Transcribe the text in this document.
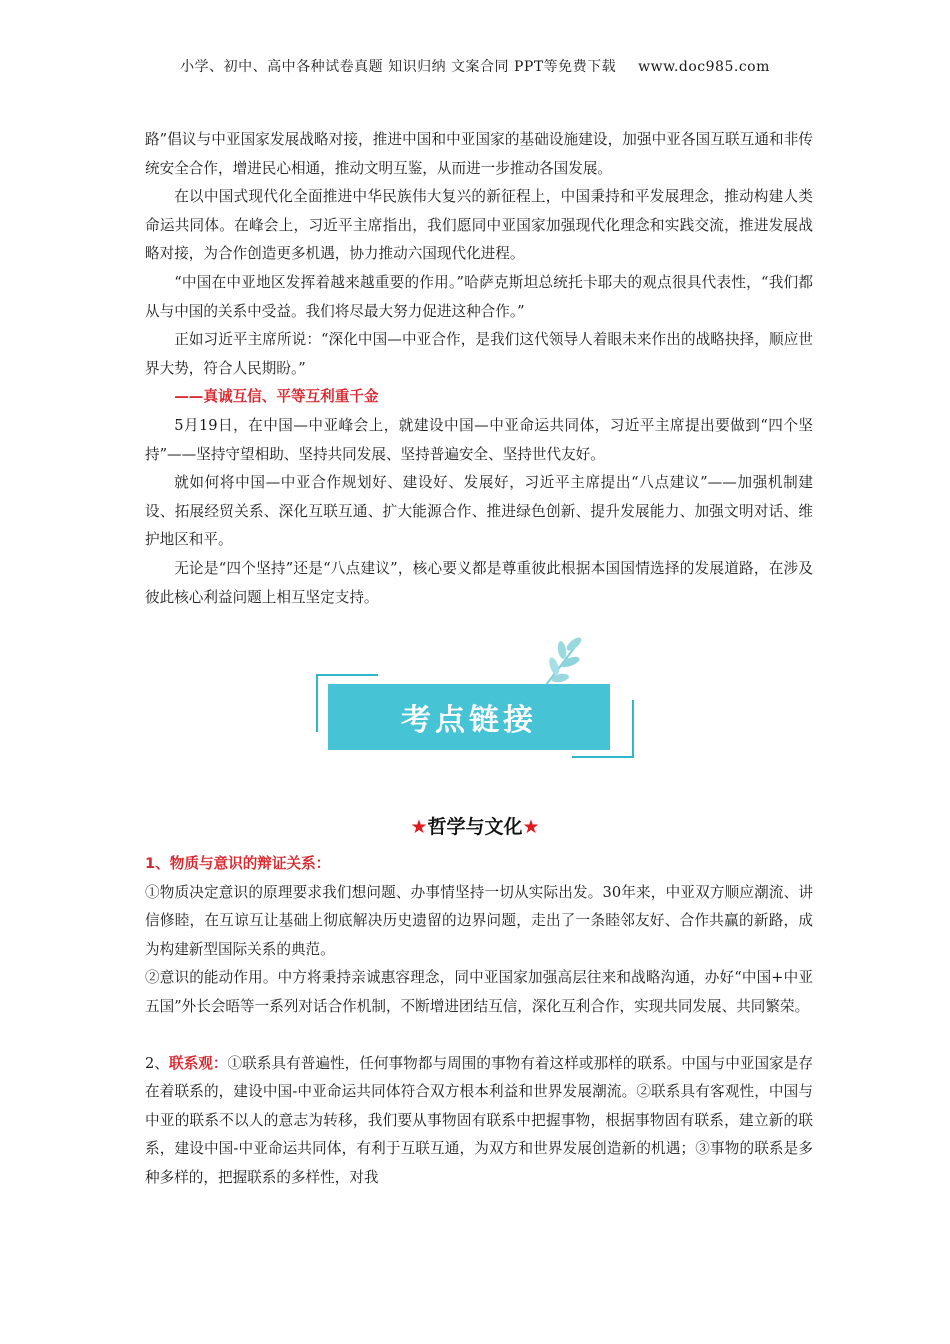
小学、初中、高中各种试卷真题 知识归纳 文案合同 PPT等免费下载 www.doc985.com

路”倡议与中亚国家发展战略对接，推进中国和中亚国家的基础设施建设，加强中亚各国互联互通和非传统安全合作，增进民心相通，推动文明互鉴，从而进一步推动各国发展。

在以中国式现代化全面推进中华民族伟大复兴的新征程上，中国秉持和平发展理念，推动构建人类命运共同体。在峰会上，习近平主席指出，我们愿同中亚国家加强现代化理念和实践交流，推进发展战略对接，为合作创造更多机遇，协力推动六国现代化进程。

“中国在中亚地区发挥着越来越重要的作用。”哈萨克斯坦总统托卡耶夫的观点很具代表性，“我们都从与中国的关系中受益。我们将尽最大努力促进这种合作。”

正如习近平主席所说：“深化中国—中亚合作，是我们这代领导人着眼未来作出的战略抉择，顺应世界大势，符合人民期盼。”

——真诚互信、平等互利重千金

5月19日，在中国—中亚峰会上，就建设中国—中亚命运共同体，习近平主席提出要做到“四个坚持”——坚持守望相助、坚持共同发展、坚持普遍安全、坚持世代友好。

就如何将中国—中亚合作规划好、建设好、发展好，习近平主席提出“八点建议”——加强机制建设、拓展经贸关系、深化互联互通、扩大能源合作、推进绿色创新、提升发展能力、加强文明对话、维护地区和平。

无论是“四个坚持”还是“八点建议”，核心要义都是尊重彼此根据本国国情选择的发展道路，在涉及彼此核心利益问题上相互坚定支持。

考点链接
★哲学与文化★

1、物质与意识的辩证关系：

①物质决定意识的原理要求我们想问题、办事情坚持一切从实际出发。30年来，中亚双方顺应潮流、讲信修睦，在互谅互让基础上彻底解决历史遗留的边界问题，走出了一条睦邻友好、合作共赢的新路，成为构建新型国际关系的典范。

②意识的能动作用。中方将秉持亲诚惠容理念，同中亚国家加强高层往来和战略沟通，办好“中国+中亚五国”外长会晤等一系列对话合作机制，不断增进团结互信，深化互利合作，实现共同发展、共同繁荣。

2、联系观：①联系具有普遍性，任何事物都与周围的事物有着这样或那样的联系。中国与中亚国家是存在着联系的，建设中国-中亚命运共同体符合双方根本利益和世界发展潮流。②联系具有客观性，中国与中亚的联系不以人的意志为转移，我们要从事物固有联系中把握事物，根据事物固有联系，建立新的联系，建设中国-中亚命运共同体，有利于互联互通，为双方和世界发展创造新的机遇；③事物的联系是多种多样的，把握联系的多样性，对我
